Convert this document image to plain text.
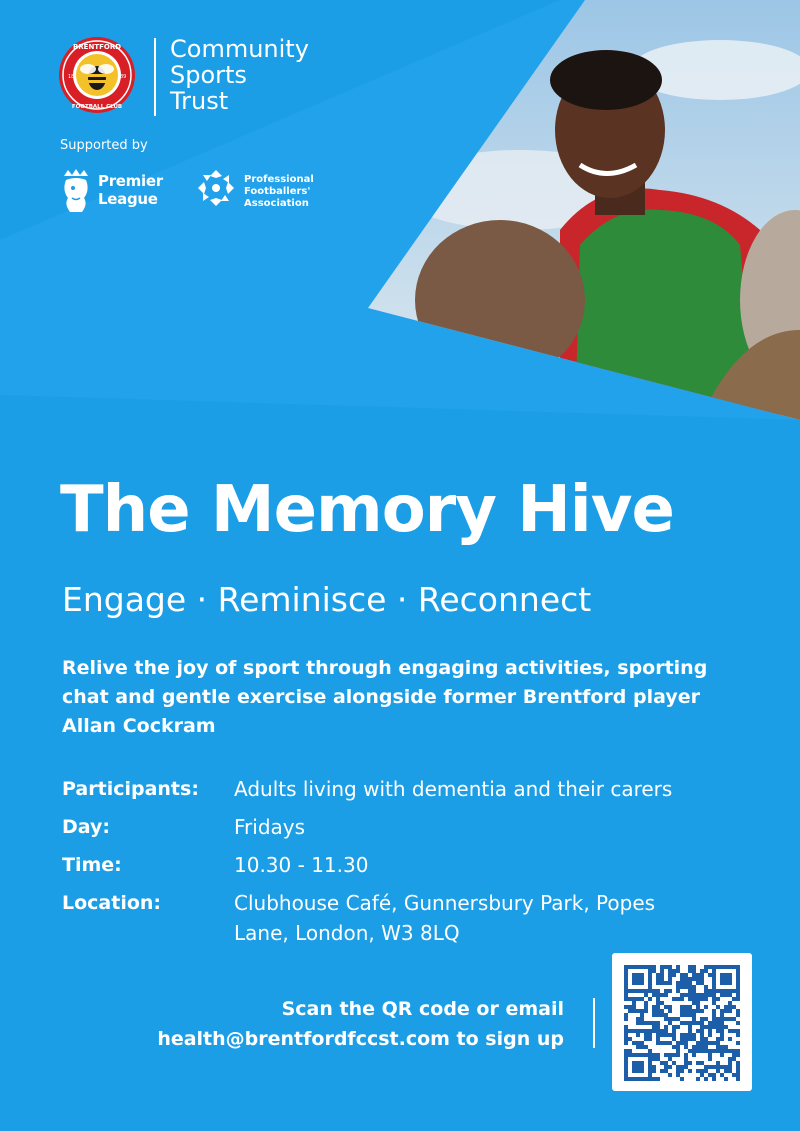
BRENTFORD
FOOTBALL CLUB
18	89
Community
Sports
Trust
Supported by
Premier
League
Professional
Footballers'
Association
The Memory Hive
Engage · Reminisce · Reconnect
Relive the joy of sport through engaging activities, sporting chat and gentle exercise alongside former Brentford player Allan Cockram
Participants:	Adults living with dementia and their carers
Day:	Fridays
Time:	10.30 - 11.30
Location:	Clubhouse Café, Gunnersbury Park, Popes Lane, London, W3 8LQ
Scan the QR code or email
health@brentfordfccst.com to sign up
